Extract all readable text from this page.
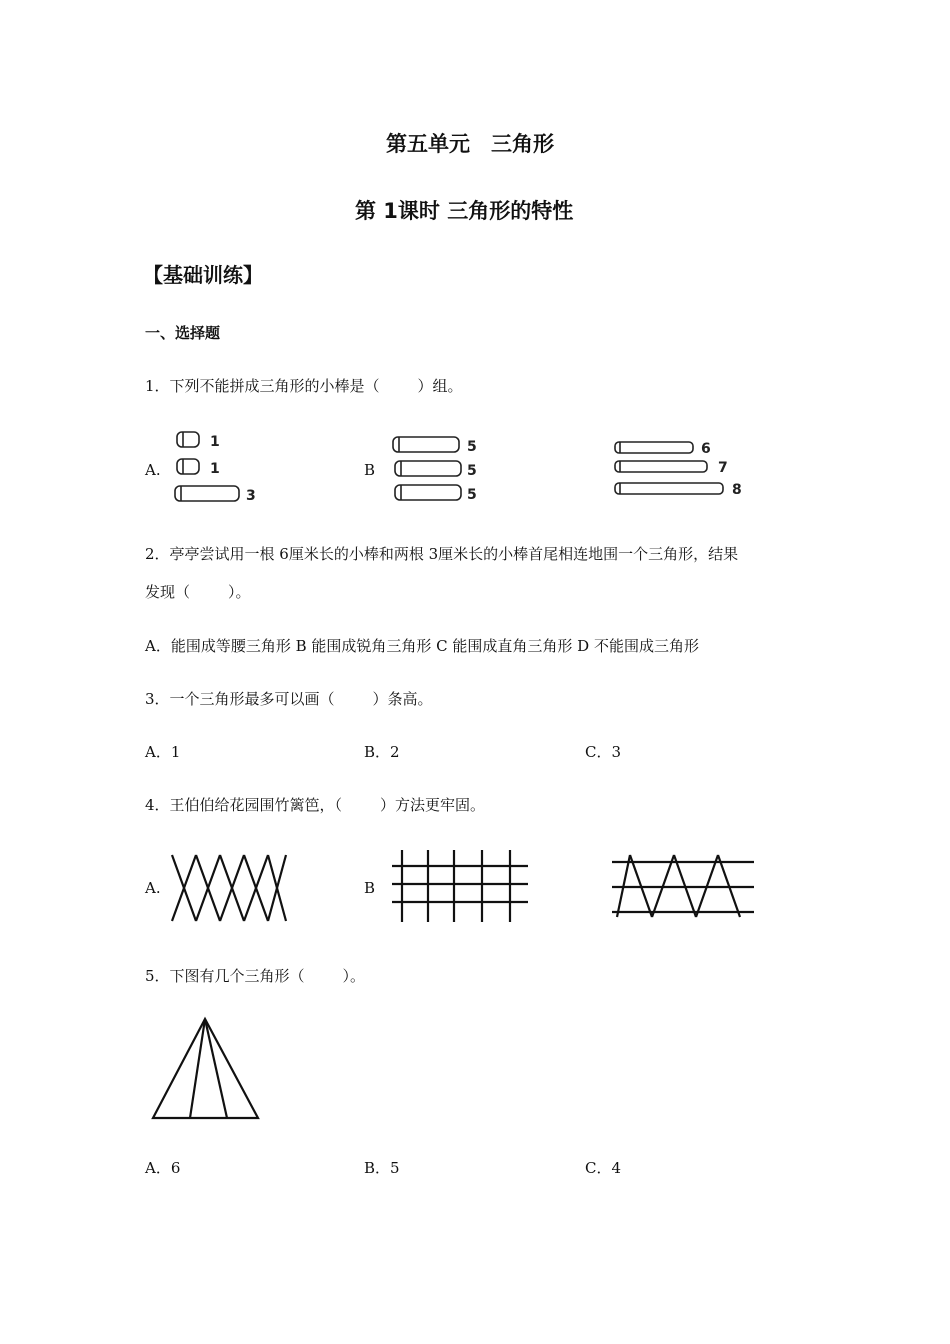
第五单元　三角形
第 1课时 三角形的特性
【基础训练】
一、选择题
1．下列不能拼成三角形的小棒是（	）组。
A.	B
1
1
3
5
5
5
6
7
8
2．亭亭尝试用一根 6厘米长的小棒和两根 3厘米长的小棒首尾相连地围一个三角形，结果
发现（	）。
A．能围成等腰三角形 B 能围成锐角三角形 C 能围成直角三角形 D 不能围成三角形
3．一个三角形最多可以画（	）条高。
A．1	B．2	C．3
4．王伯伯给花园围竹篱笆，（	）方法更牢固。
A.	B
5．下图有几个三角形（	）。
A．6	B．5	C．4
